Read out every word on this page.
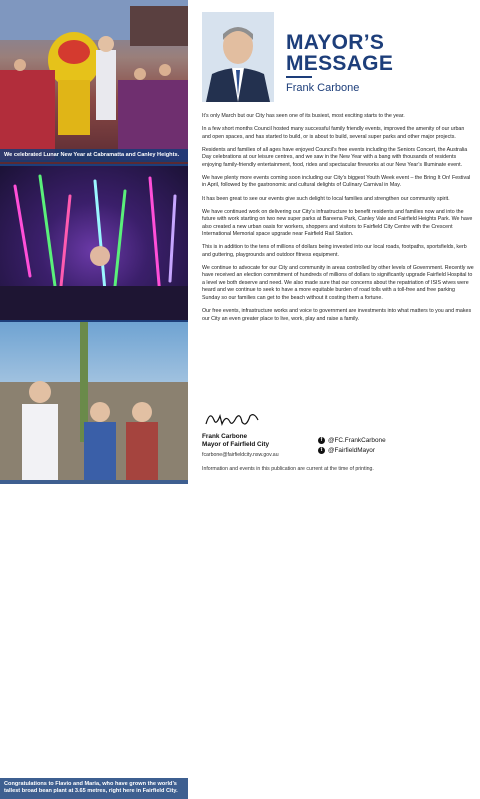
We celebrated Lunar New Year at Cabramatta and Canley Heights.
Congratulations to Flavio and Maria, who have grown the world’s tallest broad bean plant at 3.65 metres, right here in Fairfield City.
MAYOR’S
MESSAGE
Frank Carbone

It’s only March but our City has seen one of its busiest, most exciting starts to the year.

In a few short months Council hosted many successful family friendly events, improved the amenity of our urban and open spaces, and has started to build, or is about to build, several super parks and other major projects.

Residents and families of all ages have enjoyed Council’s free events including the Seniors Concert, the Australia Day celebrations at our leisure centres, and we saw in the New Year with a bang with thousands of residents enjoying family-friendly entertainment, food, rides and spectacular fireworks at our New Year’s Illuminate event.

We have plenty more events coming soon including our City’s biggest Youth Week event – the Bring It On! Festival in April, followed by the gastronomic and cultural delights of Culinary Carnival in May.

It has been great to see our events give such delight to local families and strengthen our community spirit.

We have continued work on delivering our City’s infrastructure to benefit residents and families now and into the future with work starting on two new super parks at Bareena Park, Canley Vale and Fairfield Heights Park. We have also created a new urban oasis for workers, shoppers and visitors to Fairfield City Centre with the Crescent International Memorial space upgrade near Fairfield Rail Station.

This is in addition to the tens of millions of dollars being invested into our local roads, footpaths, sportsfields, kerb and guttering, playgrounds and outdoor fitness equipment.

We continue to advocate for our City and community in areas controlled by other levels of Government. Recently we have received an election commitment of hundreds of millions of dollars to significantly upgrade Fairfield Hospital to a level we both deserve and need. We also made sure that our concerns about the repatriation of ISIS wives were heard and we continue to seek to have a more equitable burden of road tolls with a toll-free and free parking Sunday so our families can get to the beach without it costing them a fortune.

Our free events, infrastructure works and voice to government are investments into what matters to you and makes our City an even greater place to live, work, play and raise a family.

Frank Carbone
Mayor of Fairfield City
fcarbone@fairfieldcity.nsw.gov.au
f @FC.FrankCarbone
t @FairfieldMayor
Information and events in this publication are current at the time of printing.
